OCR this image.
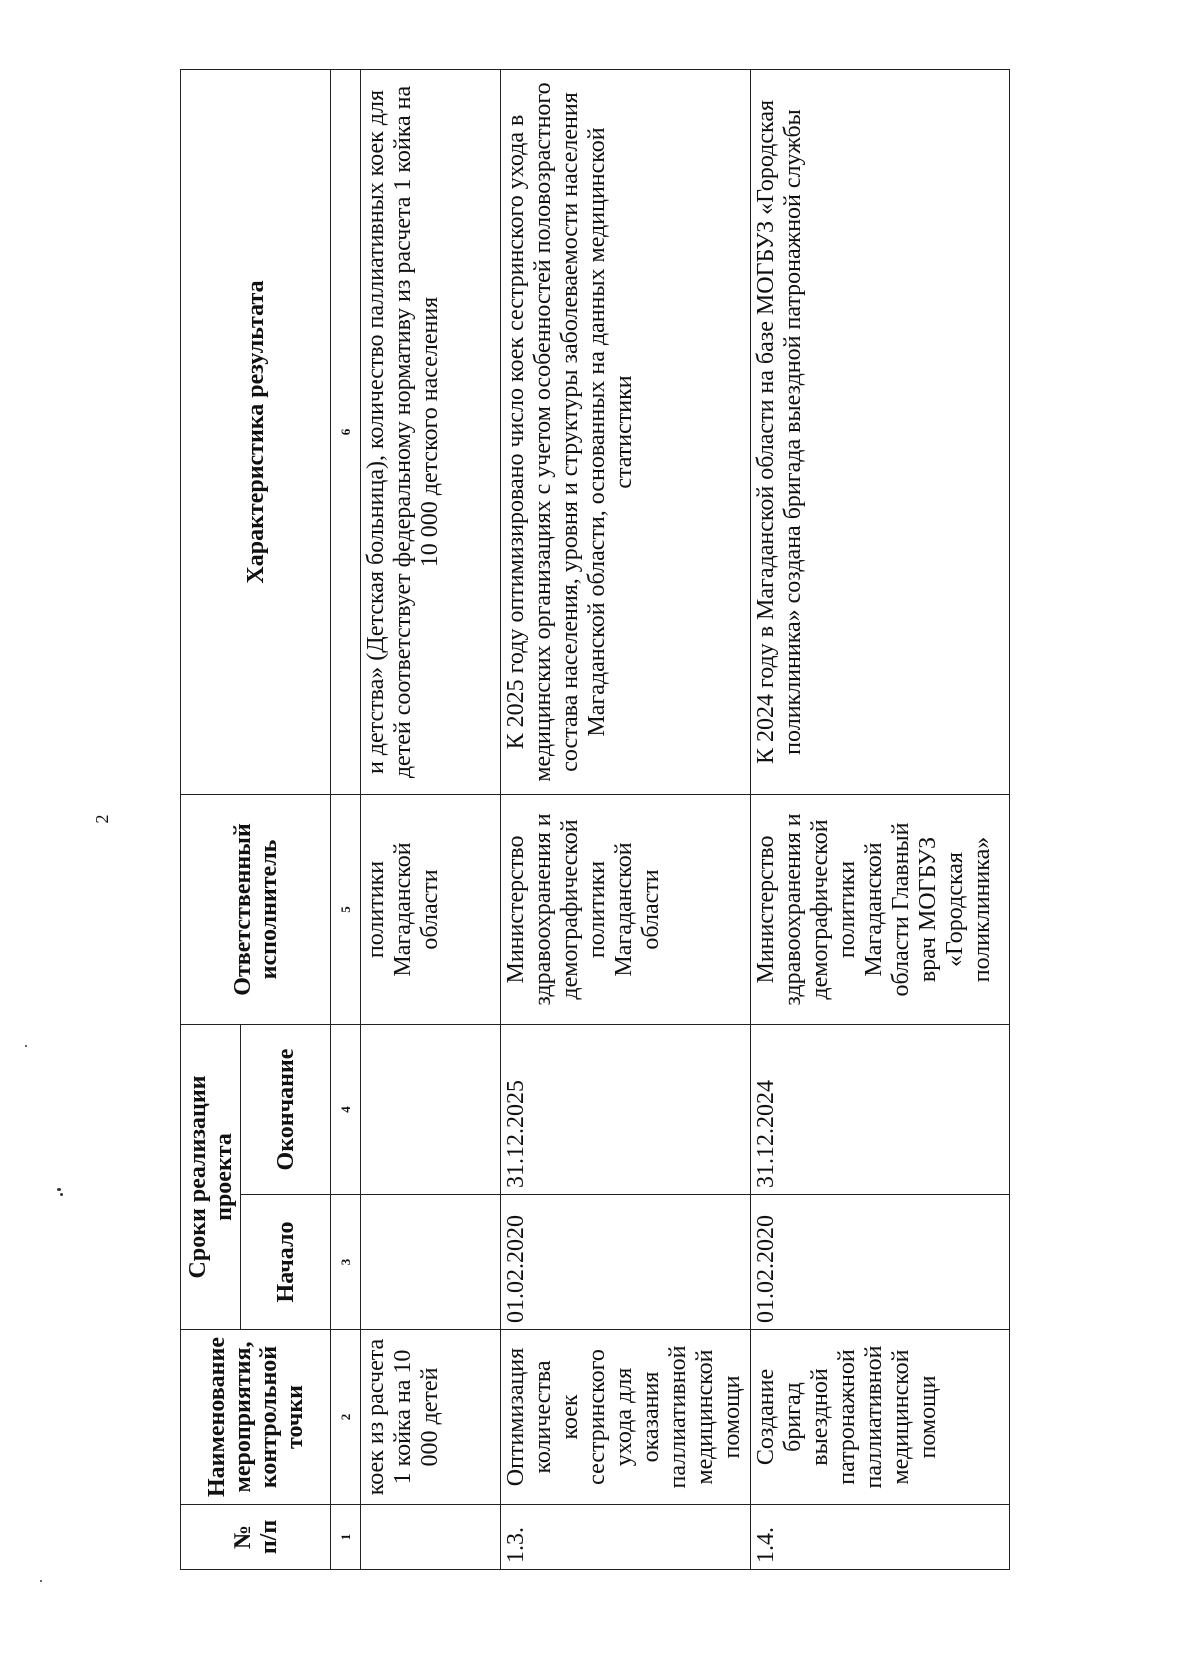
2
№
п/п	Наименование мероприятия, контрольной точки	Сроки реализации проекта		Ответственный исполнитель	Характеристика результата
		Начало	Окончание		
1	2	3	4	5	6
	коек из расчета 1 койка на 10 000 детей			политики Магаданской области	и детства» (Детская больница), количество паллиативных коек для детей соответствует федеральному нормативу из расчета 1 койка на 10 000 детского населения
1.3.	Оптимизация количества коек сестринского ухода для оказания паллиативной медицинской помощи	01.02.2020	31.12.2025	Министерство здравоохранения и демографической политики Магаданской области	К 2025 году оптимизировано число коек сестринского ухода в медицинских организациях с учетом особенностей половозрастного состава населения, уровня и структуры заболеваемости населения Магаданской области, основанных на данных медицинской статистики
1.4.	Создание бригад выездной патронажной паллиативной медицинской помощи	01.02.2020	31.12.2024	Министерство здравоохранения и демографической политики Магаданской области Главный врач МОГБУЗ «Городская поликлиника»	К 2024 году в Магаданской области на базе МОГБУЗ «Городская поликлиника» создана бригада выездной патронажной службы
